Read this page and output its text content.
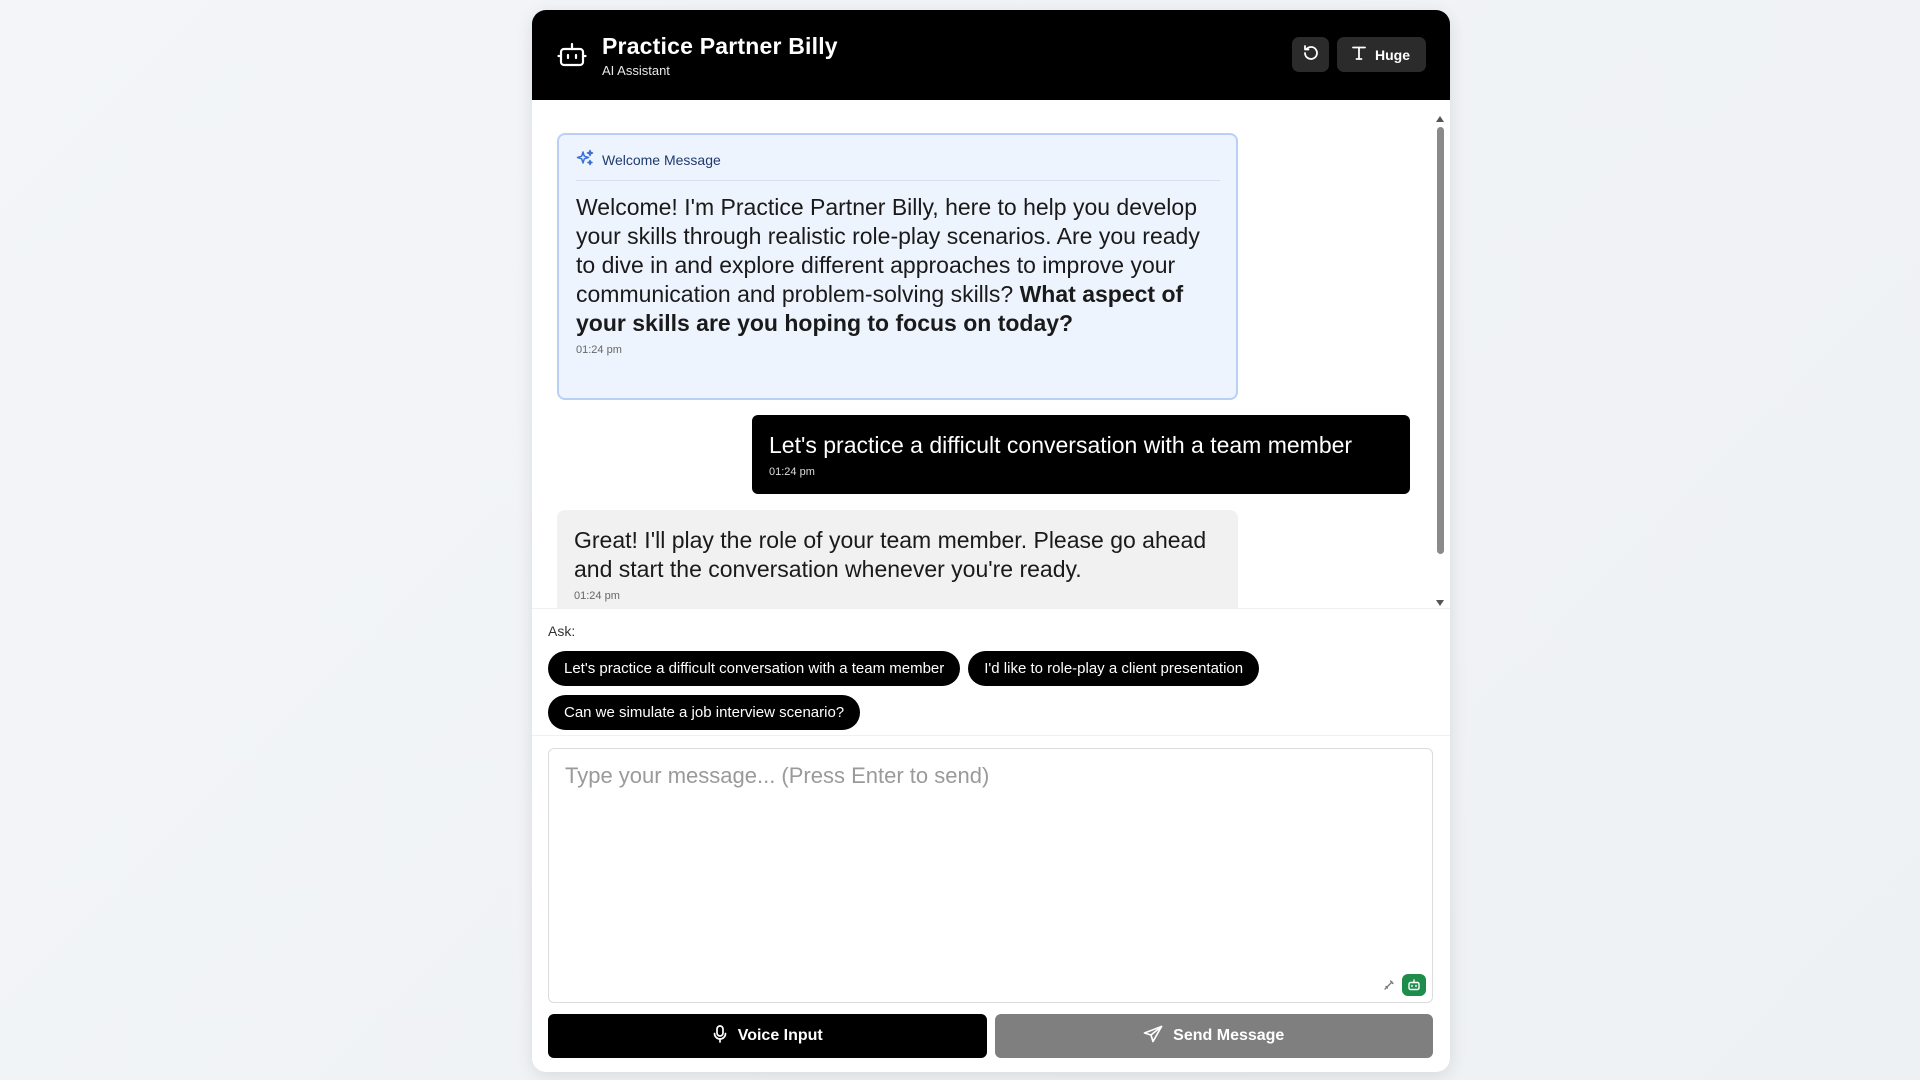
Practice Partner Billy
AI Assistant
Huge
Welcome Message
Welcome! I'm Practice Partner Billy, here to help you develop your skills through realistic role-play scenarios. Are you ready to dive in and explore different approaches to improve your communication and problem-solving skills? What aspect of your skills are you hoping to focus on today?
01:24 pm
Let's practice a difficult conversation with a team member
01:24 pm
Great! I'll play the role of your team member. Please go ahead and start the conversation whenever you're ready.
01:24 pm
Ask:
Let's practice a difficult conversation with a team member	I'd like to role-play a client presentation
Can we simulate a job interview scenario?
Type your message... (Press Enter to send)
Voice Input	Send Message
